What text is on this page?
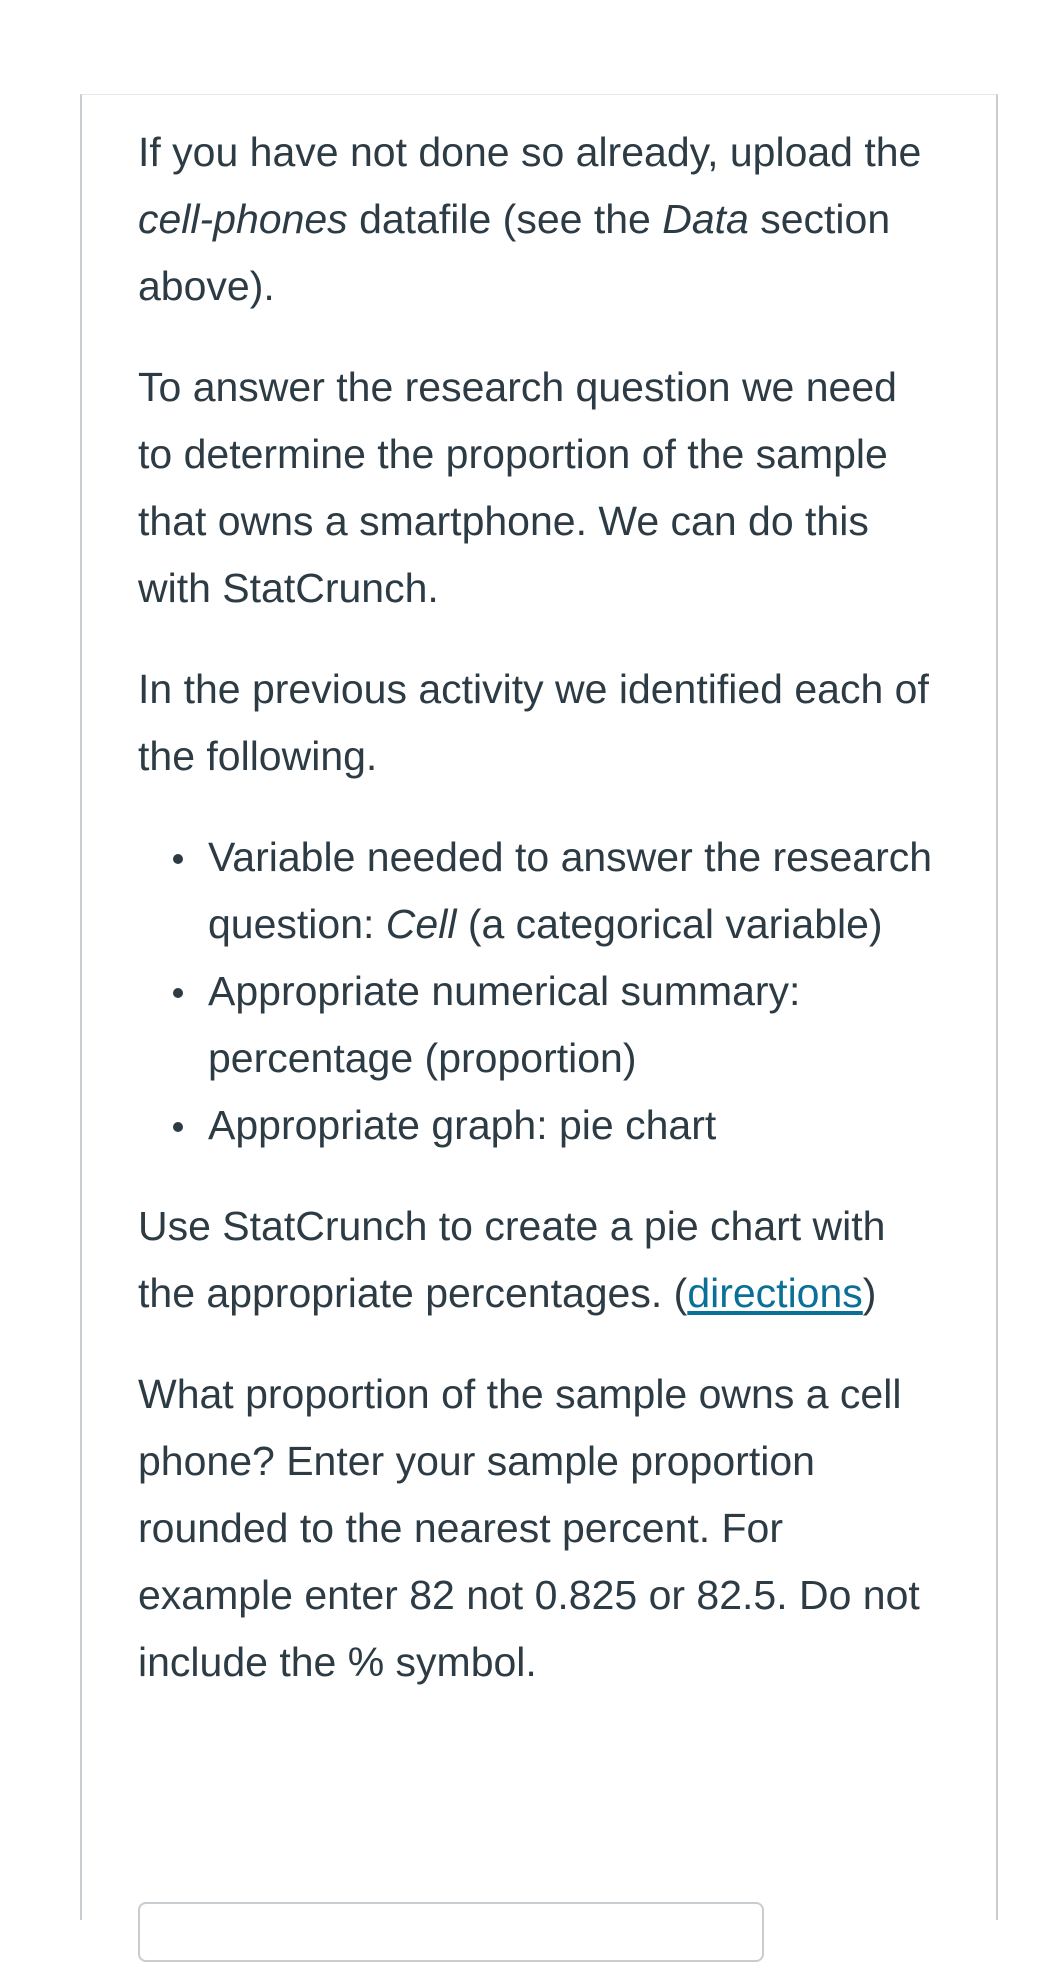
If you have not done so already, upload the cell-phones datafile (see the Data section above).

To answer the research question we need to determine the proportion of the sample that owns a smartphone. We can do this with StatCrunch.

In the previous activity we identified each of the following.

Variable needed to answer the research question: Cell (a categorical variable)
Appropriate numerical summary: percentage (proportion)
Appropriate graph: pie chart

Use StatCrunch to create a pie chart with the appropriate percentages. (directions)

What proportion of the sample owns a cell phone? Enter your sample proportion rounded to the nearest percent. For example enter 82 not 0.825 or 82.5. Do not include the % symbol.
